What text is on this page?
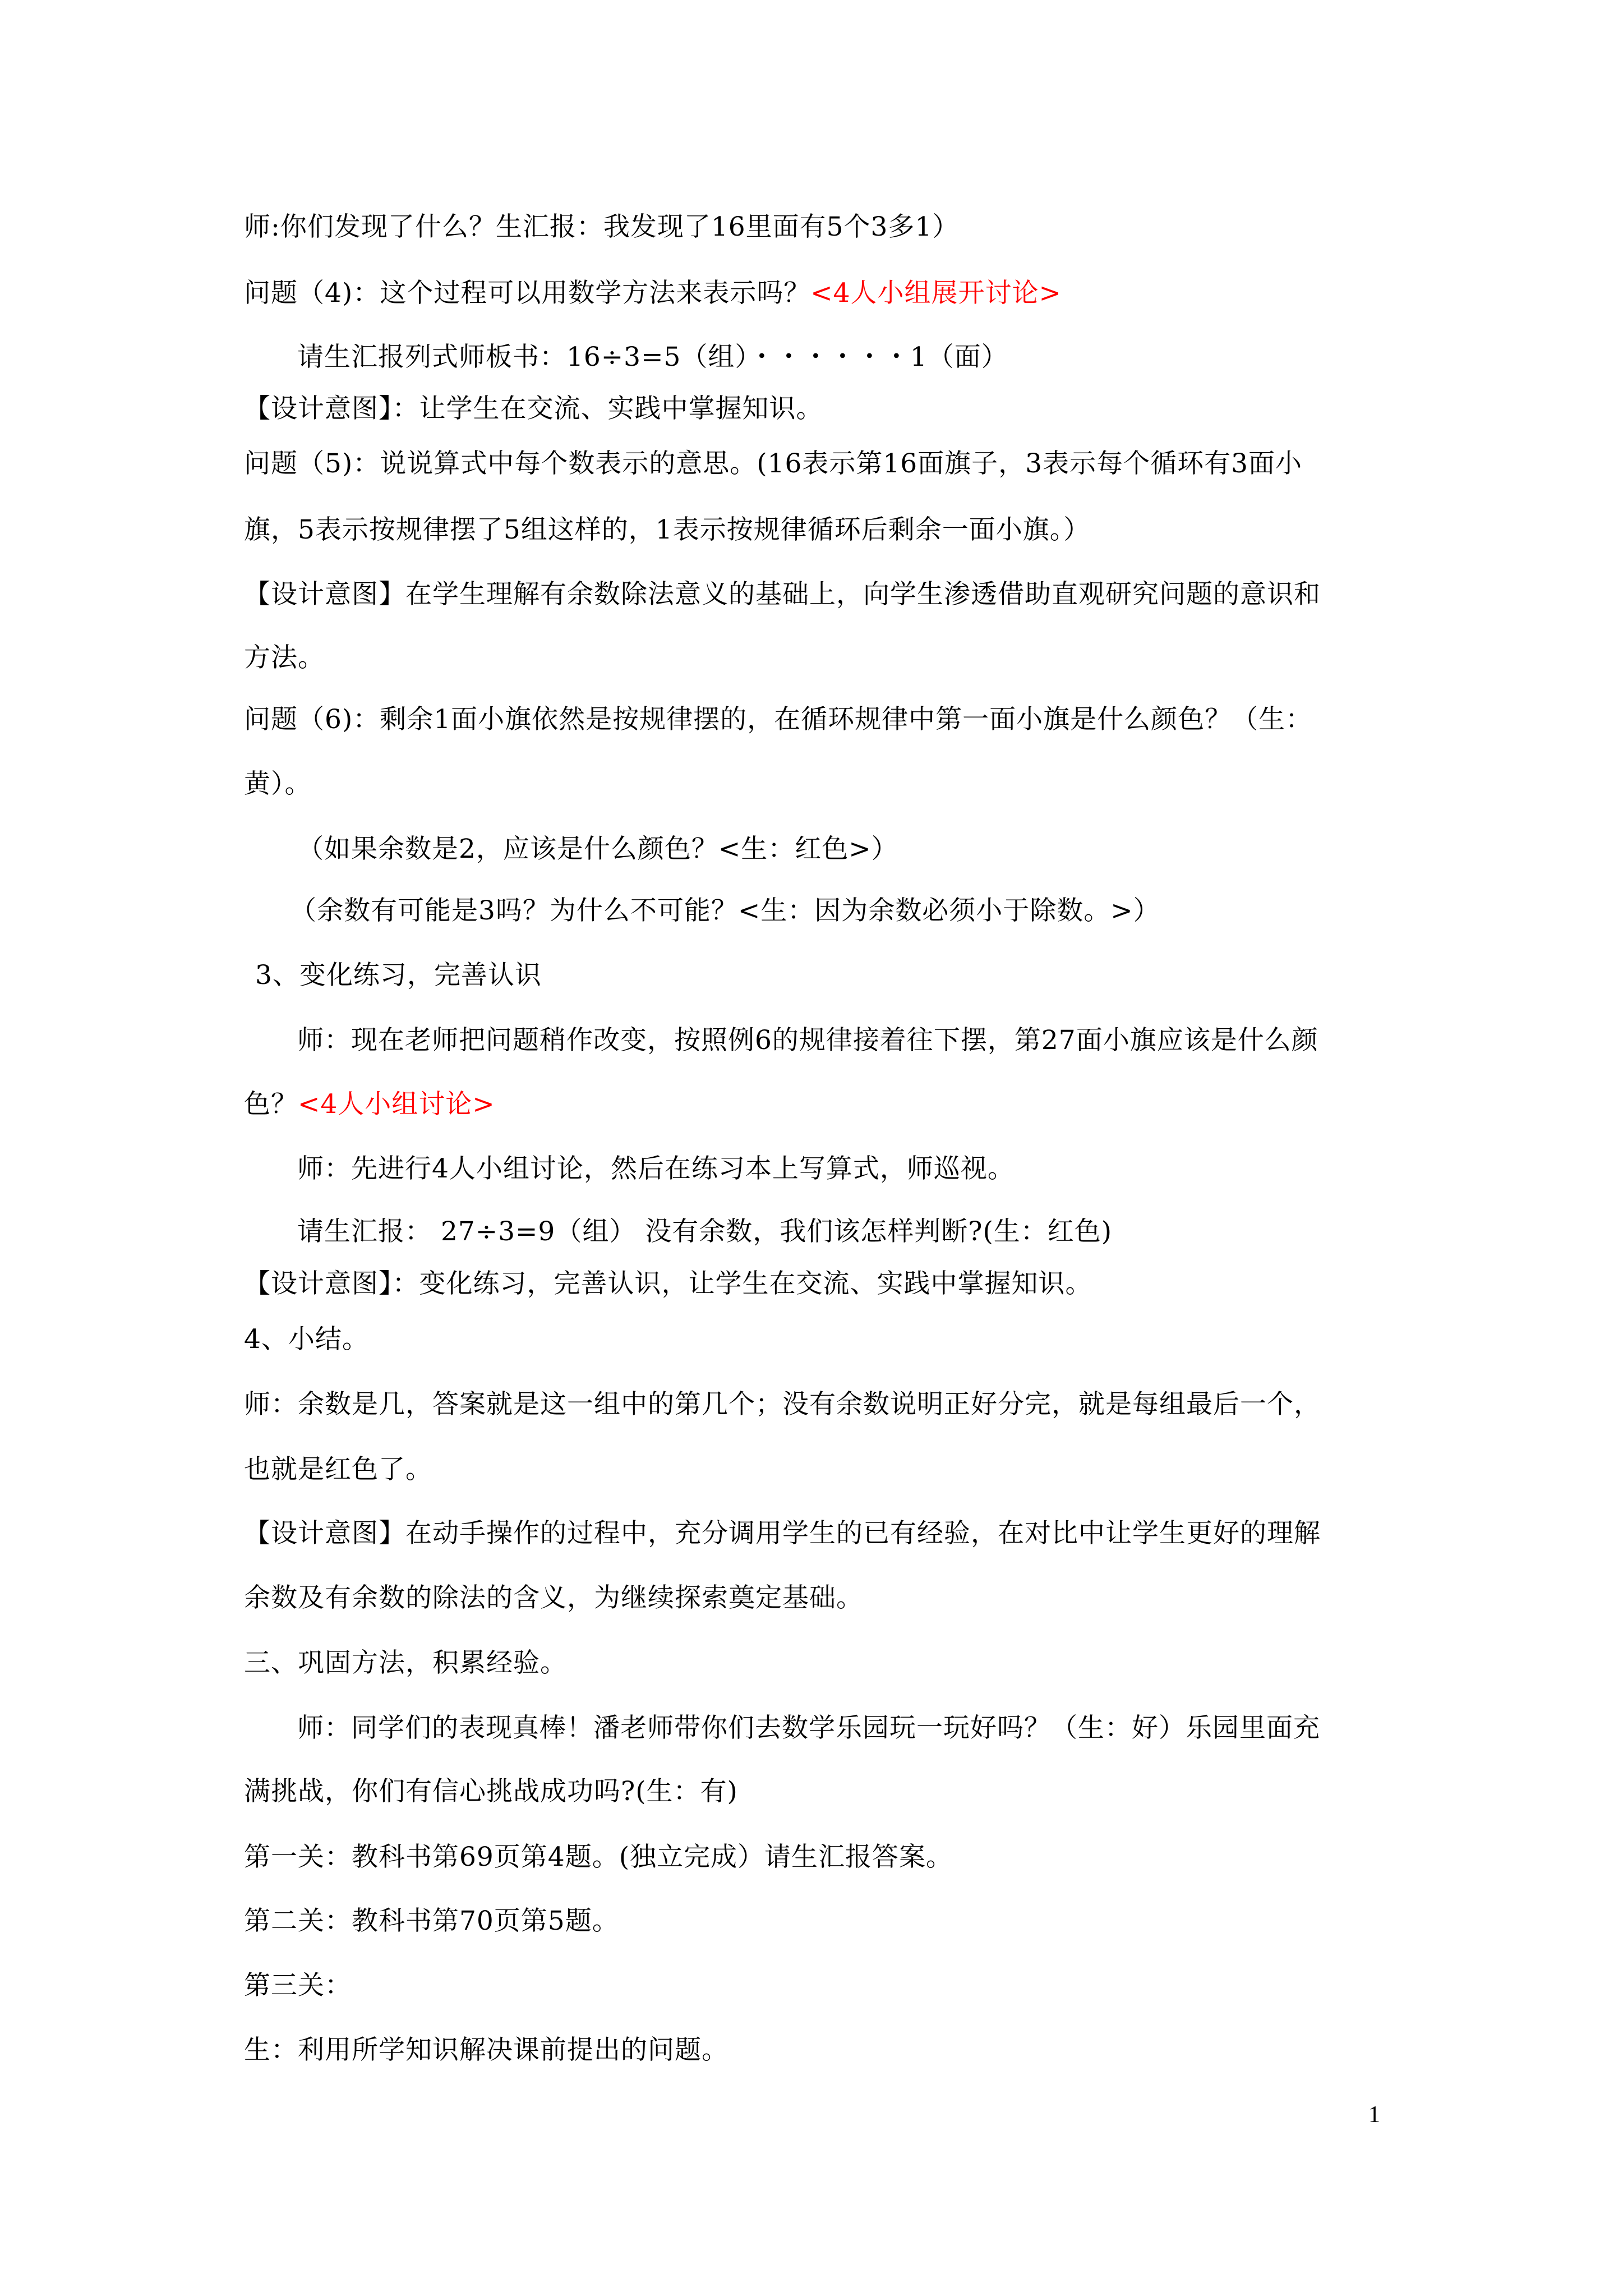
师:你们发现了什么？生汇报：我发现了16里面有5个3多1）
问题（4)：这个过程可以用数学方法来表示吗？<4人小组展开讨论>
请生汇报列式师板书：16÷3=5（组）・・・・・・1（面）
【设计意图】：让学生在交流、实践中掌握知识。
问题（5)：说说算式中每个数表示的意思。(16表示第16面旗子，3表示每个循环有3面小
旗，5表示按规律摆了5组这样的，1表示按规律循环后剩余一面小旗。）
【设计意图】在学生理解有余数除法意义的基础上，向学生渗透借助直观研究问题的意识和
方法。
问题（6)：剩余1面小旗依然是按规律摆的，在循环规律中第一面小旗是什么颜色？（生：
黄）。
（如果余数是2，应该是什么颜色？<生：红色>）
（余数有可能是3吗？为什么不可能？<生：因为余数必须小于除数。>）
3、变化练习，完善认识
师：现在老师把问题稍作改变，按照例6的规律接着往下摆，第27面小旗应该是什么颜
色？<4人小组讨论>
师：先进行4人小组讨论，然后在练习本上写算式，师巡视。
请生汇报： 27÷3=9（组） 没有余数，我们该怎样判断?(生：红色)
【设计意图】：变化练习，完善认识，让学生在交流、实践中掌握知识。
4、小结。
师：余数是几，答案就是这一组中的第几个；没有余数说明正好分完，就是每组最后一个，
也就是红色了。
【设计意图】在动手操作的过程中，充分调用学生的已有经验，在对比中让学生更好的理解
余数及有余数的除法的含义，为继续探索奠定基础。
三、巩固方法，积累经验。
师：同学们的表现真棒！潘老师带你们去数学乐园玩一玩好吗？（生：好）乐园里面充
满挑战，你们有信心挑战成功吗?(生：有)
第一关：教科书第69页第4题。(独立完成）请生汇报答案。
第二关：教科书第70页第5题。
第三关：
生：利用所学知识解决课前提出的问题。
1
